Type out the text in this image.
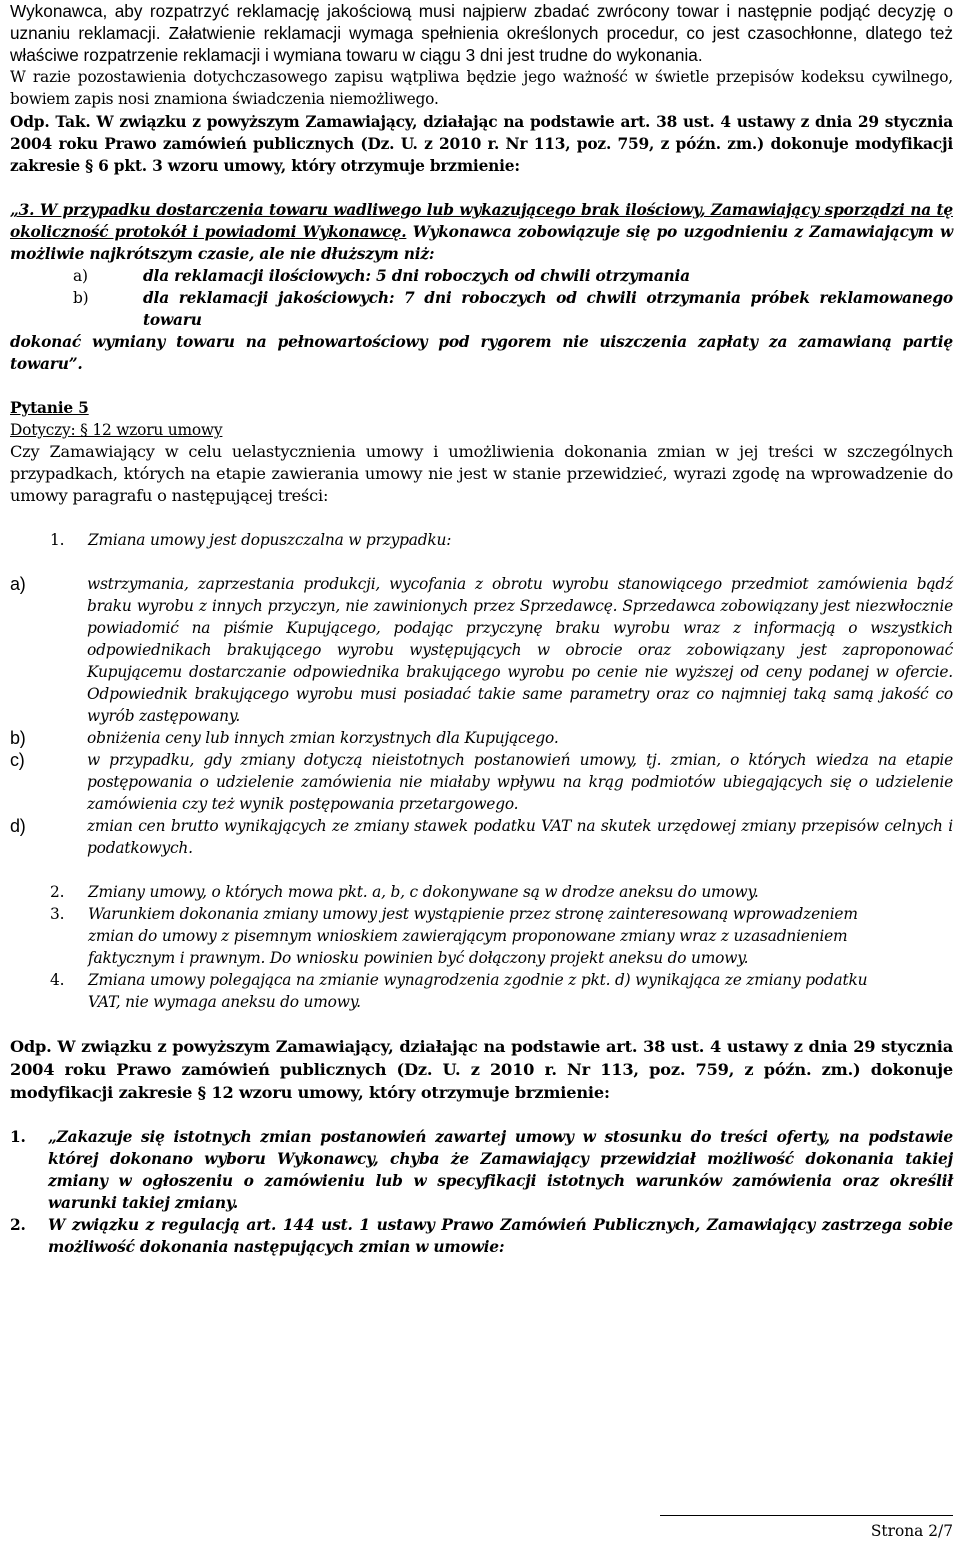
Wykonawca, aby rozpatrzyć reklamację jakościową musi najpierw zbadać zwrócony towar i następnie podjąć decyzję o uznaniu reklamacji. Załatwienie reklamacji wymaga spełnienia określonych procedur, co jest czasochłonne, dlatego też właściwe rozpatrzenie reklamacji i wymiana towaru w ciągu 3 dni jest trudne do wykonania.

W razie pozostawienia dotychczasowego zapisu wątpliwa będzie jego ważność w świetle przepisów kodeksu cywilnego, bowiem zapis nosi znamiona świadczenia niemożliwego.

Odp. Tak. W związku z powyższym Zamawiający, działając na podstawie art. 38 ust. 4 ustawy z dnia 29 stycznia 2004 roku Prawo zamówień publicznych (Dz. U. z 2010 r. Nr 113, poz. 759, z późn. zm.) dokonuje modyfikacji zakresie § 6 pkt. 3 wzoru umowy, który otrzymuje brzmienie:

„3. W przypadku dostarczenia towaru wadliwego lub wykazującego brak ilościowy, Zamawiający sporządzi na tę okoliczność protokół i powiadomi Wykonawcę. Wykonawca zobowiązuje się po uzgodnieniu z Zamawiającym w możliwie najkrótszym czasie, ale nie dłuższym niż:

a)	dla reklamacji ilościowych: 5 dni roboczych od chwili otrzymania
b)	dla reklamacji jakościowych: 7 dni roboczych od chwili otrzymania próbek reklamowanego towaru

dokonać wymiany towaru na pełnowartościowy pod rygorem nie uiszczenia zapłaty za zamawianą partię towaru”.

Pytanie 5

Dotyczy: § 12 wzoru umowy

Czy Zamawiający w celu uelastycznienia umowy i umożliwienia dokonania zmian w jej treści w szczególnych przypadkach, których na etapie zawierania umowy nie jest w stanie przewidzieć, wyrazi zgodę na wprowadzenie do umowy paragrafu o następującej treści:

1.	Zmiana umowy jest dopuszczalna w przypadku:
a)	wstrzymania, zaprzestania produkcji, wycofania z obrotu wyrobu stanowiącego przedmiot zamówienia bądź braku wyrobu z innych przyczyn, nie zawinionych przez Sprzedawcę. Sprzedawca zobowiązany jest niezwłocznie powiadomić na piśmie Kupującego, podając przyczynę braku wyrobu wraz z informacją o wszystkich odpowiednikach brakującego wyrobu występujących w obrocie oraz zobowiązany jest zaproponować Kupującemu dostarczanie odpowiednika brakującego wyrobu po cenie nie wyższej od ceny podanej w ofercie. Odpowiednik brakującego wyrobu musi posiadać takie same parametry oraz co najmniej taką samą jakość co wyrób zastępowany.
b)	obniżenia ceny lub innych zmian korzystnych dla Kupującego.
c)	w przypadku, gdy zmiany dotyczą nieistotnych postanowień umowy, tj. zmian, o których wiedza na etapie postępowania o udzielenie zamówienia nie miałaby wpływu na krąg podmiotów ubiegających się o udzielenie zamówienia czy też wynik postępowania przetargowego.
d)	zmian cen brutto wynikających ze zmiany stawek podatku VAT na skutek urzędowej zmiany przepisów celnych i podatkowych.
2.	Zmiany umowy, o których mowa pkt. a, b, c dokonywane są w drodze aneksu do umowy.
3.	Warunkiem dokonania zmiany umowy jest wystąpienie przez stronę zainteresowaną wprowadzeniem zmian do umowy z pisemnym wnioskiem zawierającym proponowane zmiany wraz z uzasadnieniem faktycznym i prawnym. Do wniosku powinien być dołączony projekt aneksu do umowy.
4.	Zmiana umowy polegająca na zmianie wynagrodzenia zgodnie z pkt. d) wynikająca ze zmiany podatku VAT, nie wymaga aneksu do umowy.

Odp. W związku z powyższym Zamawiający, działając na podstawie art. 38 ust. 4 ustawy z dnia 29 stycznia 2004 roku Prawo zamówień publicznych (Dz. U. z 2010 r. Nr 113, poz. 759, z późn. zm.) dokonuje modyfikacji zakresie § 12 wzoru umowy, który otrzymuje brzmienie:

1.	„Zakazuje się istotnych zmian postanowień zawartej umowy w stosunku do treści oferty, na podstawie której dokonano wyboru Wykonawcy, chyba że Zamawiający przewidział możliwość dokonania takiej zmiany w ogłoszeniu o zamówieniu lub w specyfikacji istotnych warunków zamówienia oraz określił warunki takiej zmiany.
2.	W związku z regulacją art. 144 ust. 1 ustawy Prawo Zamówień Publicznych, Zamawiający zastrzega sobie możliwość dokonania następujących zmian w umowie:
Strona 2/7
